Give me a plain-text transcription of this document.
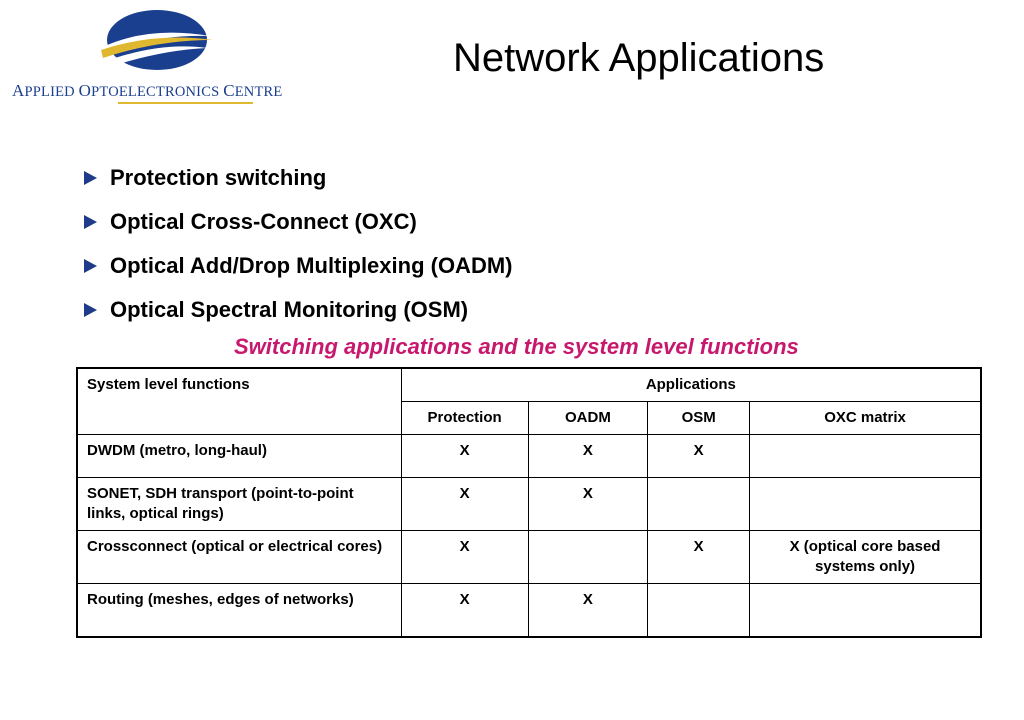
APPLIED OPTOELECTRONICS CENTRE
Network Applications
Protection switching
Optical Cross-Connect (OXC)
Optical Add/Drop Multiplexing (OADM)
Optical Spectral Monitoring (OSM)
Switching applications and the system level functions
System level functions	Applications			
	Protection	OADM	OSM	OXC matrix
DWDM (metro, long-haul)	X	X	X	
SONET, SDH transport (point-to-point links, optical rings)	X	X		
Crossconnect (optical or electrical cores)	X		X	X (optical core based systems only)
Routing (meshes, edges of networks)	X	X		
